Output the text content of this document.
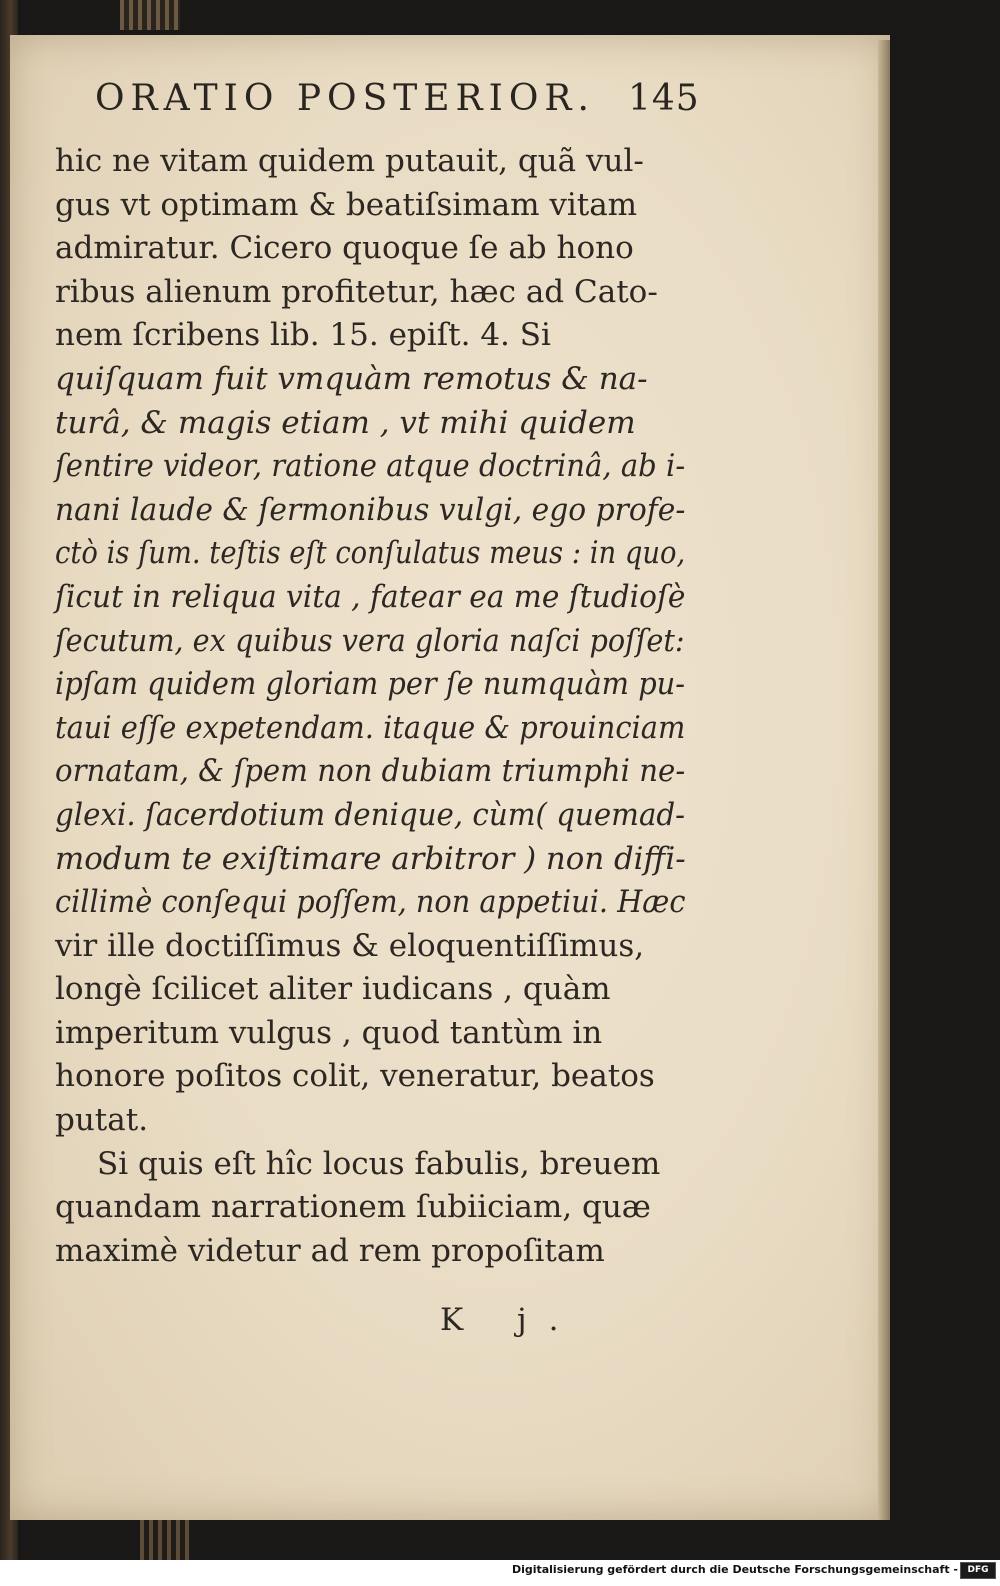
ORATIO POSTERIOR. 145
hic ne vitam quidem putauit, quã vul-
gus vt optimam & beatiſsimam vitam
admiratur. Cicero quoque ſe ab hono
ribus alienum profitetur, hæc ad Cato-
nem ſcribens lib. 15. epiſt. 4. Si
quiſquam fuit vmquàm remotus & na-
turâ, & magis etiam , vt mihi quidem
ſentire videor, ratione atque doctrinâ, ab i-
nani laude & ſermonibus vulgi, ego profe-
ctò is ſum. teſtis eſt conſulatus meus : in quo,
ſicut in reliqua vita , fatear ea me ſtudioſè
ſecutum, ex quibus vera gloria naſci poſſet:
ipſam quidem gloriam per ſe numquàm pu-
taui eſſe expetendam. itaque & prouinciam
ornatam, & ſpem non dubiam triumphi ne-
glexi. ſacerdotium denique, cùm( quemad-
modum te exiſtimare arbitror ) non diffi-
cillimè conſequi poſſem, non appetiui. Hæc
vir ille doctiſſimus & eloquentiſſimus,
longè ſcilicet aliter iudicans , quàm
imperitum vulgus , quod tantùm in
honore poſitos colit, veneratur, beatos
putat.
Si quis eſt hîc locus fabulis, breuem
quandam narrationem ſubiiciam, quæ
maximè videtur ad rem propoſitam
K j.
Digitalisierung gefördert durch die Deutsche Forschungsgemeinschaft -	DFG
